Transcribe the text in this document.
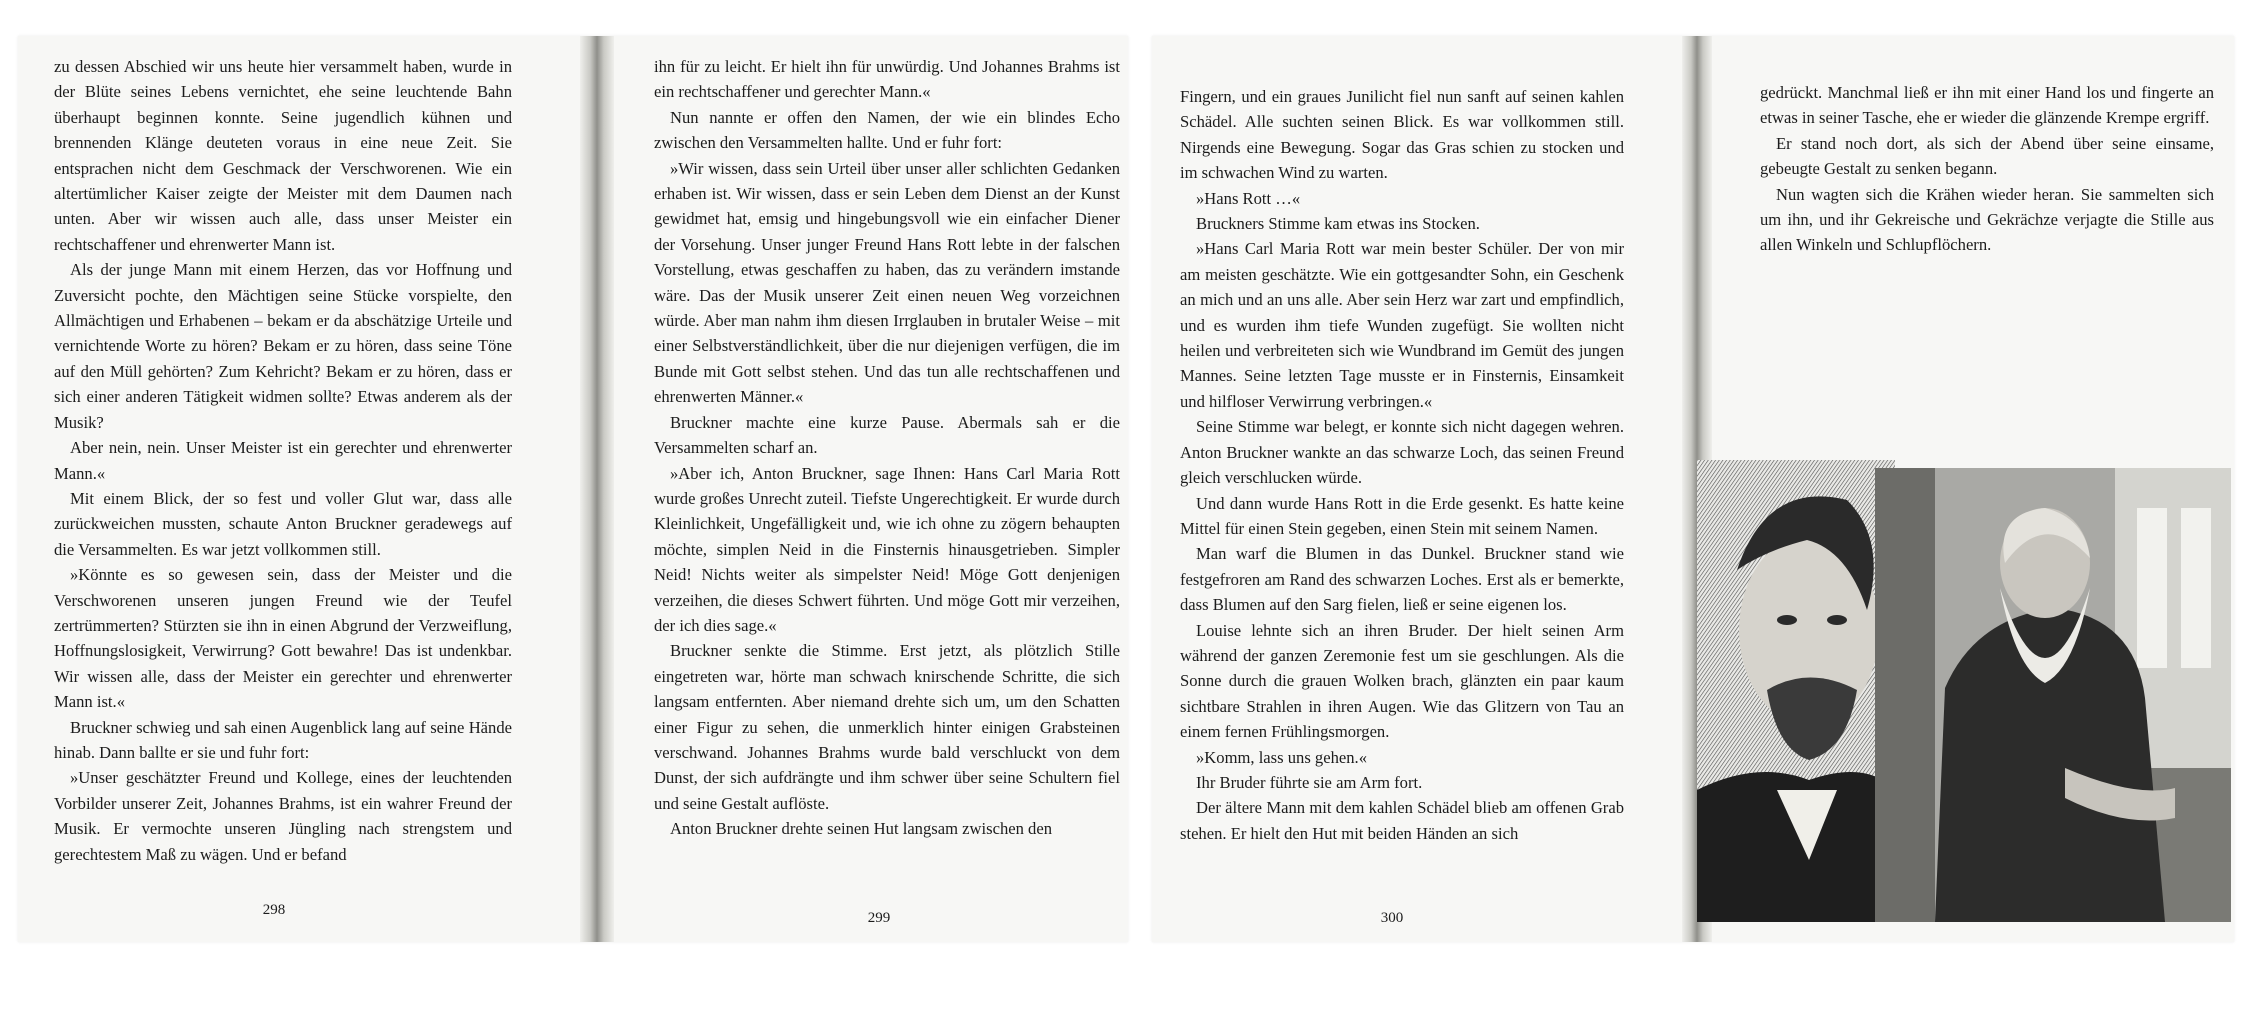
zu dessen Abschied wir uns heute hier versammelt haben, wurde in der Blüte seines Lebens vernichtet, ehe seine leuchtende Bahn überhaupt beginnen konnte. Seine jugendlich kühnen und brennenden Klänge deuteten voraus in eine neue Zeit. Sie entsprachen nicht dem Geschmack der Verschworenen. Wie ein altertümlicher Kaiser zeigte der Meister mit dem Daumen nach unten. Aber wir wissen auch alle, dass unser Meister ein rechtschaffener und ehrenwerter Mann ist.

Als der junge Mann mit einem Herzen, das vor Hoffnung und Zuversicht pochte, den Mächtigen seine Stücke vorspielte, den Allmächtigen und Erhabenen – bekam er da abschätzige Urteile und vernichtende Worte zu hören? Bekam er zu hören, dass seine Töne auf den Müll gehörten? Zum Kehricht? Bekam er zu hören, dass er sich einer anderen Tätigkeit widmen sollte? Etwas anderem als der Musik?

Aber nein, nein. Unser Meister ist ein gerechter und ehrenwerter Mann.«

Mit einem Blick, der so fest und voller Glut war, dass alle zurückweichen mussten, schaute Anton Bruckner geradewegs auf die Versammelten. Es war jetzt vollkommen still.

»Könnte es so gewesen sein, dass der Meister und die Verschworenen unseren jungen Freund wie der Teufel zertrümmerten? Stürzten sie ihn in einen Abgrund der Verzweiflung, Hoffnungslosigkeit, Verwirrung? Gott bewahre! Das ist undenkbar. Wir wissen alle, dass der Meister ein gerechter und ehrenwerter Mann ist.«

Bruckner schwieg und sah einen Augenblick lang auf seine Hände hinab. Dann ballte er sie und fuhr fort:

»Unser geschätzter Freund und Kollege, eines der leuchtenden Vorbilder unserer Zeit, Johannes Brahms, ist ein wahrer Freund der Musik. Er vermochte unseren Jüngling nach strengstem und gerechtestem Maß zu wägen. Und er befand

298

ihn für zu leicht. Er hielt ihn für unwürdig. Und Johannes Brahms ist ein rechtschaffener und gerechter Mann.«

Nun nannte er offen den Namen, der wie ein blindes Echo zwischen den Versammelten hallte. Und er fuhr fort:

»Wir wissen, dass sein Urteil über unser aller schlichten Gedanken erhaben ist. Wir wissen, dass er sein Leben dem Dienst an der Kunst gewidmet hat, emsig und hingebungsvoll wie ein einfacher Diener der Vorsehung. Unser junger Freund Hans Rott lebte in der falschen Vorstellung, etwas geschaffen zu haben, das zu verändern imstande wäre. Das der Musik unserer Zeit einen neuen Weg vorzeichnen würde. Aber man nahm ihm diesen Irrglauben in brutaler Weise – mit einer Selbstverständlichkeit, über die nur diejenigen verfügen, die im Bunde mit Gott selbst stehen. Und das tun alle rechtschaffenen und ehrenwerten Männer.«

Bruckner machte eine kurze Pause. Abermals sah er die Versammelten scharf an.

»Aber ich, Anton Bruckner, sage Ihnen: Hans Carl Maria Rott wurde großes Unrecht zuteil. Tiefste Ungerechtigkeit. Er wurde durch Kleinlichkeit, Ungefälligkeit und, wie ich ohne zu zögern behaupten möchte, simplen Neid in die Finsternis hinausgetrieben. Simpler Neid! Nichts weiter als simpelster Neid! Möge Gott denjenigen verzeihen, die dieses Schwert führten. Und möge Gott mir verzeihen, der ich dies sage.«

Bruckner senkte die Stimme. Erst jetzt, als plötzlich Stille eingetreten war, hörte man schwach knirschende Schritte, die sich langsam entfernten. Aber niemand drehte sich um, um den Schatten einer Figur zu sehen, die unmerklich hinter einigen Grabsteinen verschwand. Johannes Brahms wurde bald verschluckt von dem Dunst, der sich aufdrängte und ihm schwer über seine Schultern fiel und seine Gestalt auflöste.

Anton Bruckner drehte seinen Hut langsam zwischen den

299

Fingern, und ein graues Junilicht fiel nun sanft auf seinen kahlen Schädel. Alle suchten seinen Blick. Es war vollkommen still. Nirgends eine Bewegung. Sogar das Gras schien zu stocken und im schwachen Wind zu warten.

»Hans Rott …«

Bruckners Stimme kam etwas ins Stocken.

»Hans Carl Maria Rott war mein bester Schüler. Der von mir am meisten geschätzte. Wie ein gottgesandter Sohn, ein Geschenk an mich und an uns alle. Aber sein Herz war zart und empfindlich, und es wurden ihm tiefe Wunden zugefügt. Sie wollten nicht heilen und verbreiteten sich wie Wundbrand im Gemüt des jungen Mannes. Seine letzten Tage musste er in Finsternis, Einsamkeit und hilfloser Verwirrung verbringen.«

Seine Stimme war belegt, er konnte sich nicht dagegen wehren. Anton Bruckner wankte an das schwarze Loch, das seinen Freund gleich verschlucken würde.

Und dann wurde Hans Rott in die Erde gesenkt. Es hatte keine Mittel für einen Stein gegeben, einen Stein mit seinem Namen.

Man warf die Blumen in das Dunkel. Bruckner stand wie festgefroren am Rand des schwarzen Loches. Erst als er bemerkte, dass Blumen auf den Sarg fielen, ließ er seine eigenen los.

Louise lehnte sich an ihren Bruder. Der hielt seinen Arm während der ganzen Zeremonie fest um sie geschlungen. Als die Sonne durch die grauen Wolken brach, glänzten ein paar kaum sichtbare Strahlen in ihren Augen. Wie das Glitzern von Tau an einem fernen Frühlingsmorgen.

»Komm, lass uns gehen.«

Ihr Bruder führte sie am Arm fort.

Der ältere Mann mit dem kahlen Schädel blieb am offenen Grab stehen. Er hielt den Hut mit beiden Händen an sich

300

gedrückt. Manchmal ließ er ihn mit einer Hand los und fingerte an etwas in seiner Tasche, ehe er wieder die glänzende Krempe ergriff.

Er stand noch dort, als sich der Abend über seine einsame, gebeugte Gestalt zu senken begann.

Nun wagten sich die Krähen wieder heran. Sie sammelten sich um ihn, und ihr Gekreische und Gekrächze verjagte die Stille aus allen Winkeln und Schlupflöchern.
